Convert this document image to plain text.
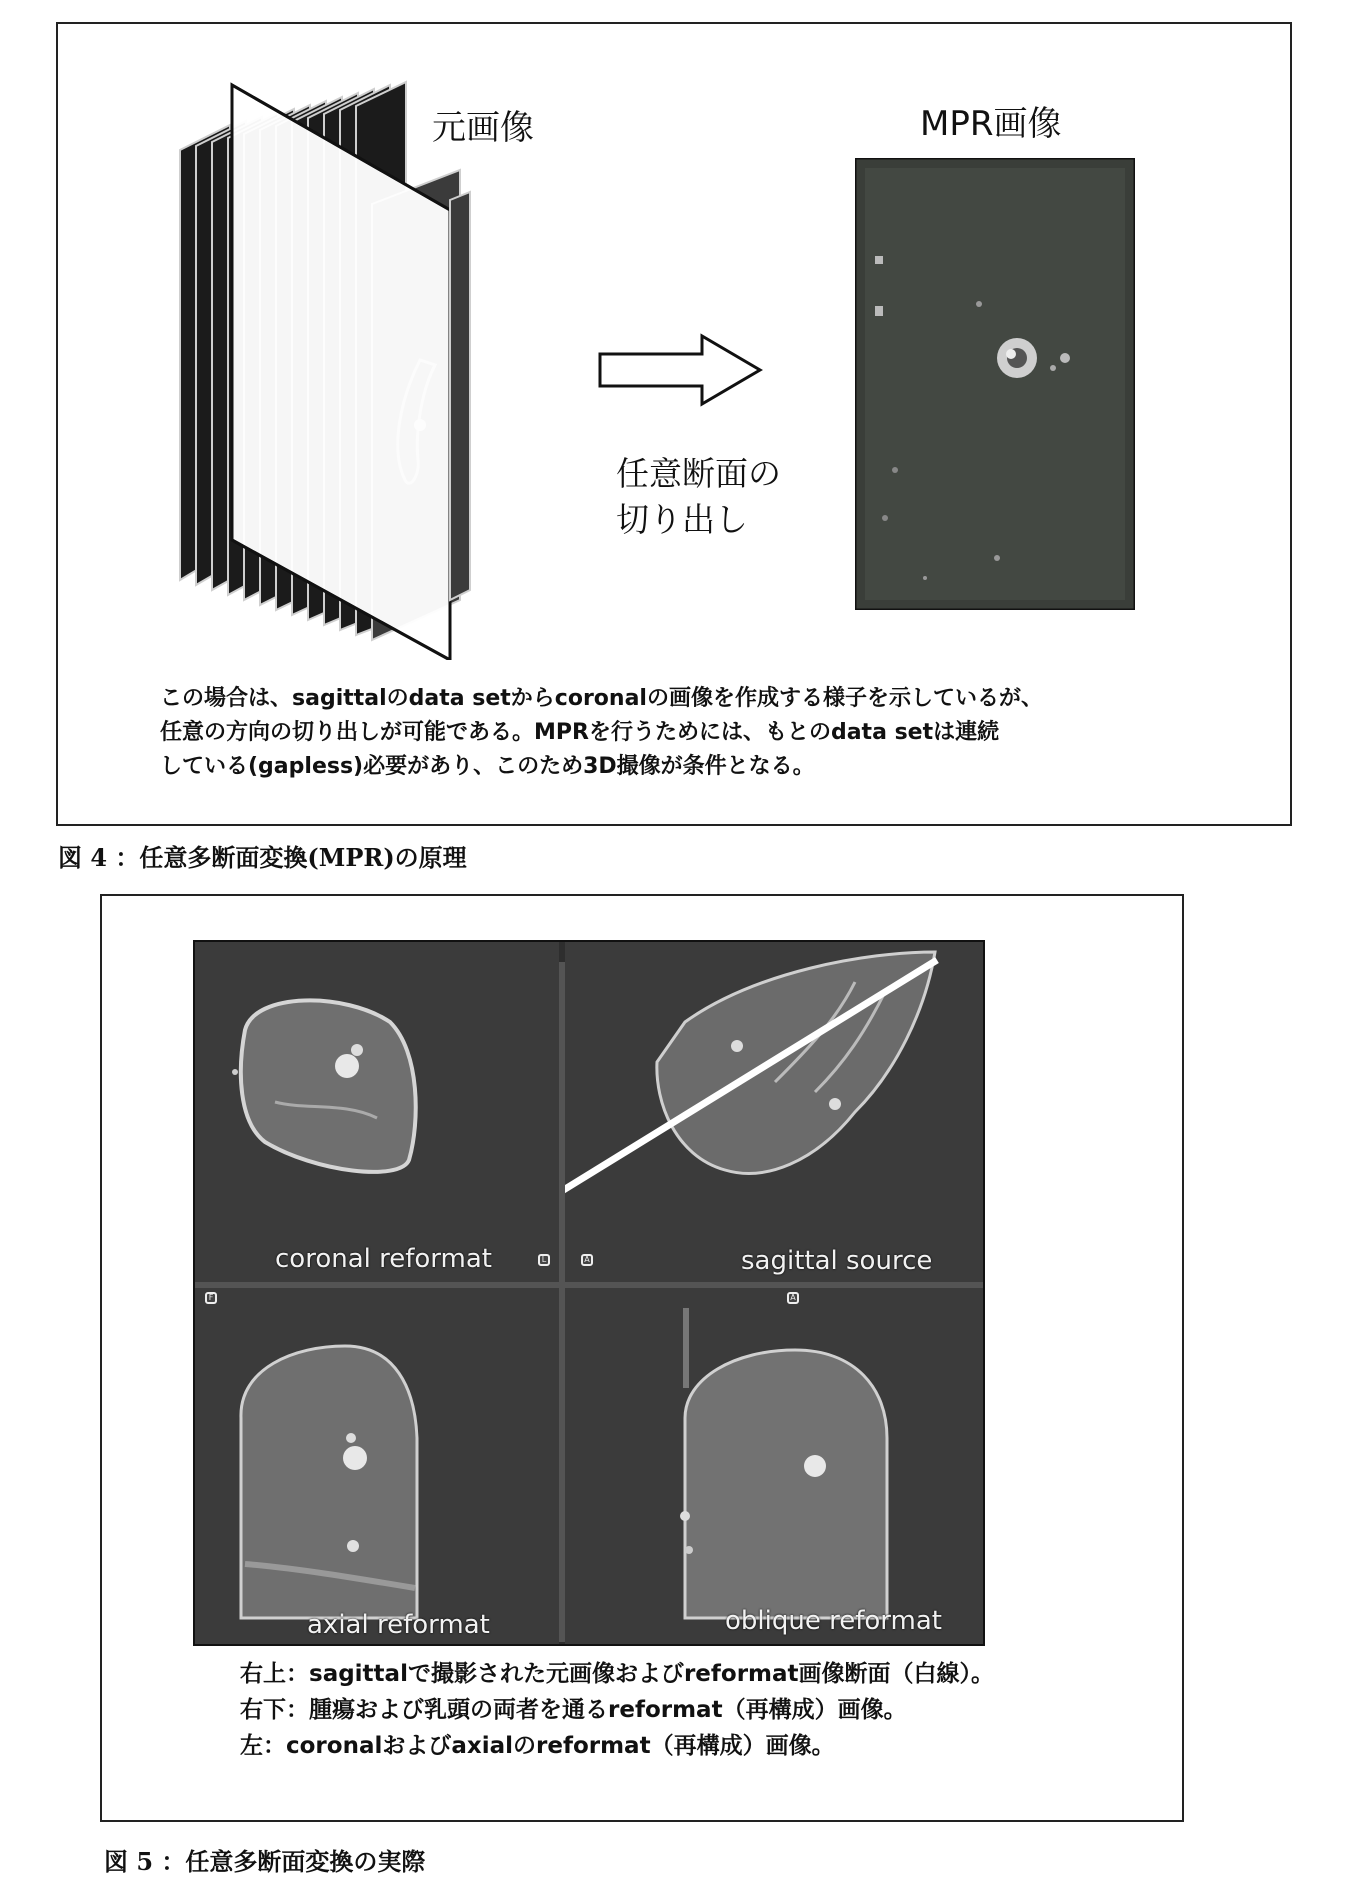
元画像	MPR画像
任意断面の
切り出し
この場合は、sagittalのdata setからcoronalの画像を作成する様子を示しているが、
任意の方向の切り出しが可能である。MPRを行うためには、もとのdata setは連続
している(gapless)必要があり、このため3D撮像が条件となる。
図 4 ：任意多断面変換(MPR)の原理
L	A
F	A
coronal reformat	sagittal source
axial reformat	oblique reformat
右上：sagittalで撮影された元画像およびreformat画像断面（白線）。
右下：腫瘍および乳頭の両者を通るreformat（再構成）画像。
左：coronalおよびaxialのreformat（再構成）画像。
図 5 ：任意多断面変換の実際
